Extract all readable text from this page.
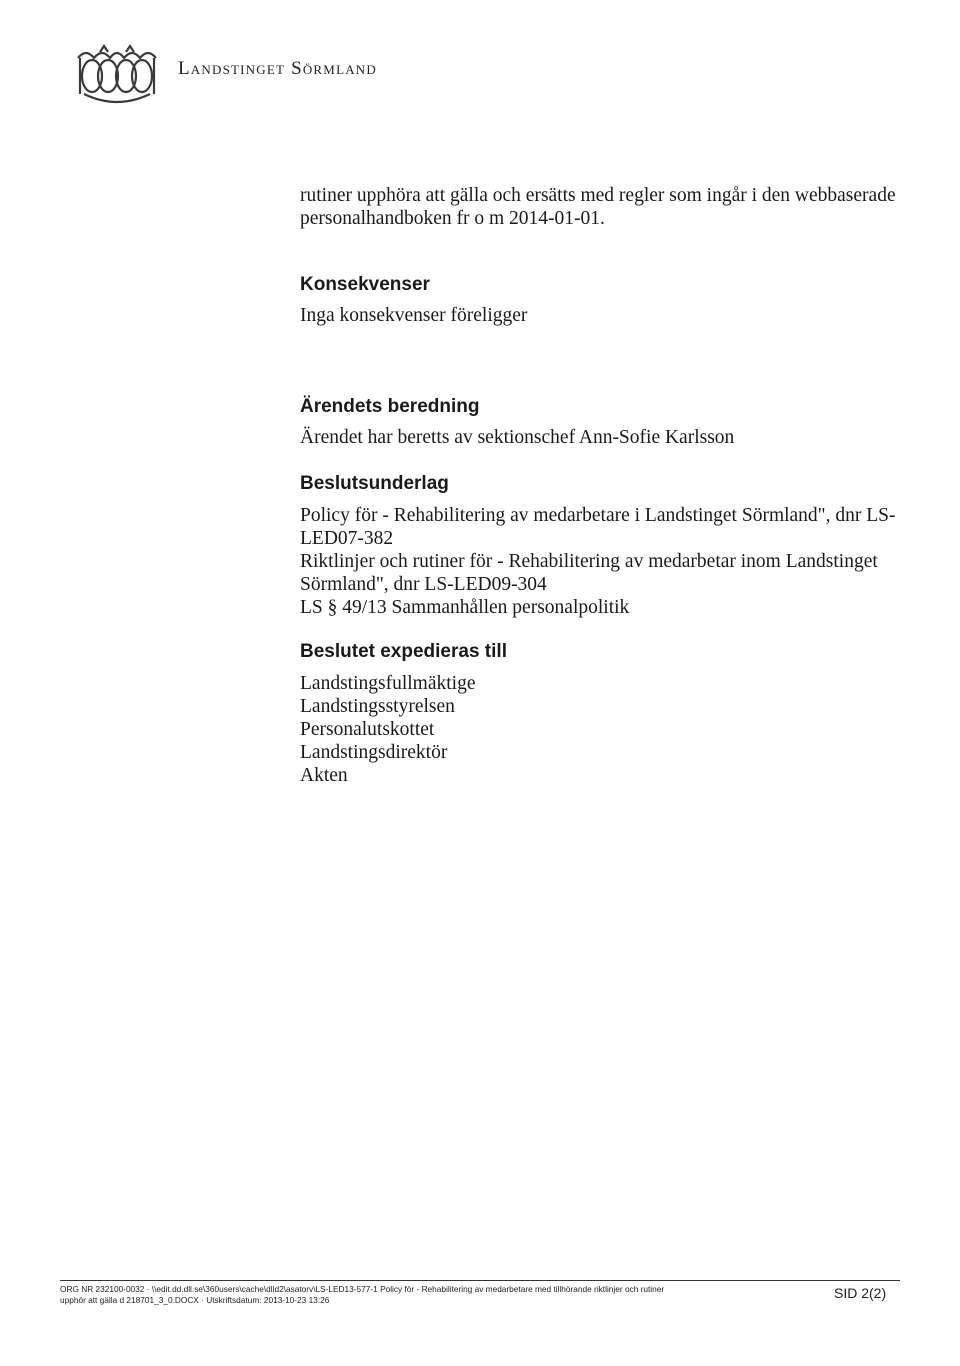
Landstinget Sörmland

rutiner upphöra att gälla och ersätts med regler som ingår i den webbaserade
personalhandboken fr o m 2014-01-01.

Konsekvenser

Inga konsekvenser föreligger

Ärendets beredning

Ärendet har beretts av sektionschef Ann-Sofie Karlsson

Beslutsunderlag

Policy för - Rehabilitering av medarbetare i Landstinget Sörmland", dnr LS-
LED07-382
Riktlinjer och rutiner för - Rehabilitering av medarbetar inom Landstinget
Sörmland", dnr LS-LED09-304
LS § 49/13 Sammanhållen personalpolitik

Beslutet expedieras till

Landstingsfullmäktige
Landstingsstyrelsen
Personalutskottet
Landstingsdirektör
Akten

ORG NR 232100-0032 · \\edit.dd.dll.se\360users\cache\dlld2\asatorv\LS-LED13-577-1 Policy för - Rehabilitering av medarbetare med tillhörande riktlinjer och rutiner
upphör att gälla d 218701_3_0.DOCX · Utskriftsdatum: 2013-10-23 13:26	SID 2(2)
